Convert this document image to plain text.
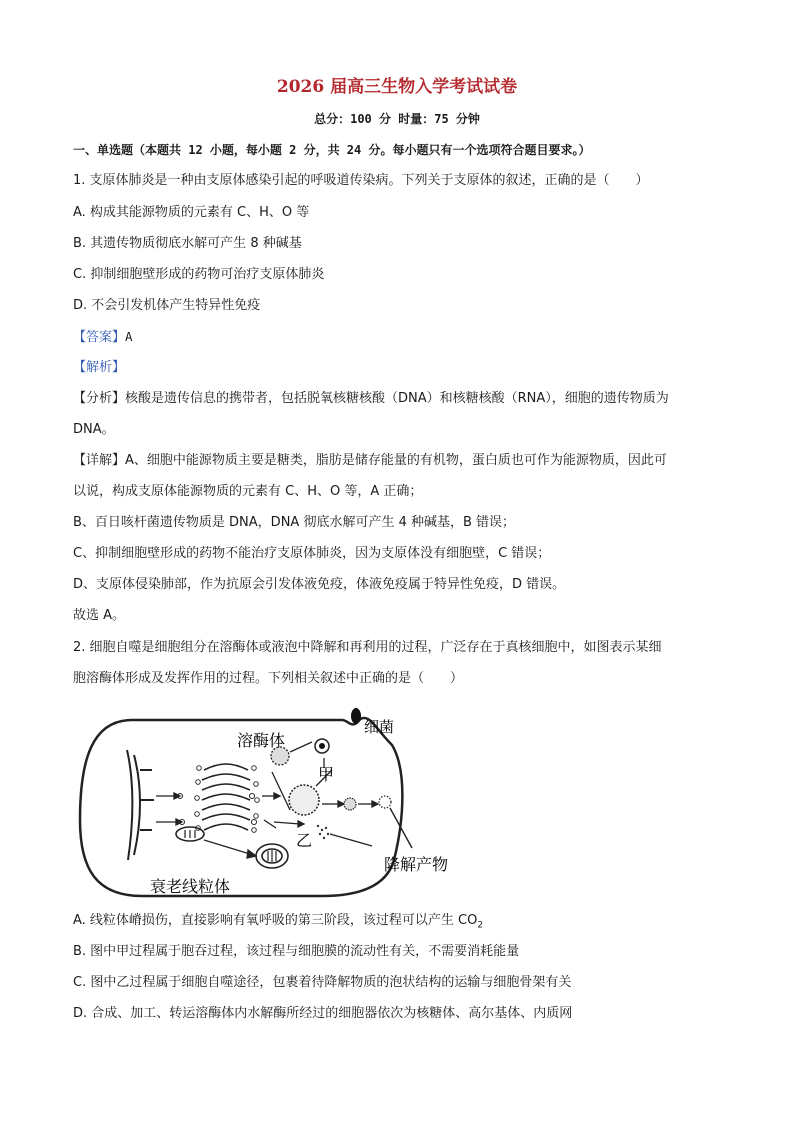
2026 届高三生物入学考试试卷
总分：100 分 时量：75 分钟
一、单选题（本题共 12 小题，每小题 2 分，共 24 分。每小题只有一个选项符合题目要求。）
1. 支原体肺炎是一种由支原体感染引起的呼吸道传染病。下列关于支原体的叙述，正确的是（　　）
A. 构成其能源物质的元素有 C、H、O 等
B. 其遗传物质彻底水解可产生 8 种碱基
C. 抑制细胞壁形成的药物可治疗支原体肺炎
D. 不会引发机体产生特异性免疫
【答案】A
【解析】
【分析】核酸是遗传信息的携带者，包括脱氧核糖核酸（DNA）和核糖核酸（RNA），细胞的遗传物质为
DNA。
【详解】A、细胞中能源物质主要是糖类，脂肪是储存能量的有机物，蛋白质也可作为能源物质，因此可
以说，构成支原体能源物质的元素有 C、H、O 等，A 正确；
B、百日咳杆菌遗传物质是 DNA，DNA 彻底水解可产生 4 种碱基，B 错误；
C、抑制细胞壁形成的药物不能治疗支原体肺炎，因为支原体没有细胞壁，C 错误；
D、支原体侵染肺部，作为抗原会引发体液免疫，体液免疫属于特异性免疫，D 错误。
故选 A。
2. 细胞自噬是细胞组分在溶酶体或液泡中降解和再利用的过程，广泛存在于真核细胞中，如图表示某细
胞溶酶体形成及发挥作用的过程。下列相关叙述中正确的是（　　）
细菌
溶酶体
甲
乙
降解产物
衰老线粒体
A. 线粒体嵴损伤，直接影响有氧呼吸的第三阶段，该过程可以产生 $CO_2$
B. 图中甲过程属于胞吞过程，该过程与细胞膜的流动性有关，不需要消耗能量
C. 图中乙过程属于细胞自噬途径，包裹着待降解物质的泡状结构的运输与细胞骨架有关
D. 合成、加工、转运溶酶体内水解酶所经过的细胞器依次为核糖体、高尔基体、内质网
